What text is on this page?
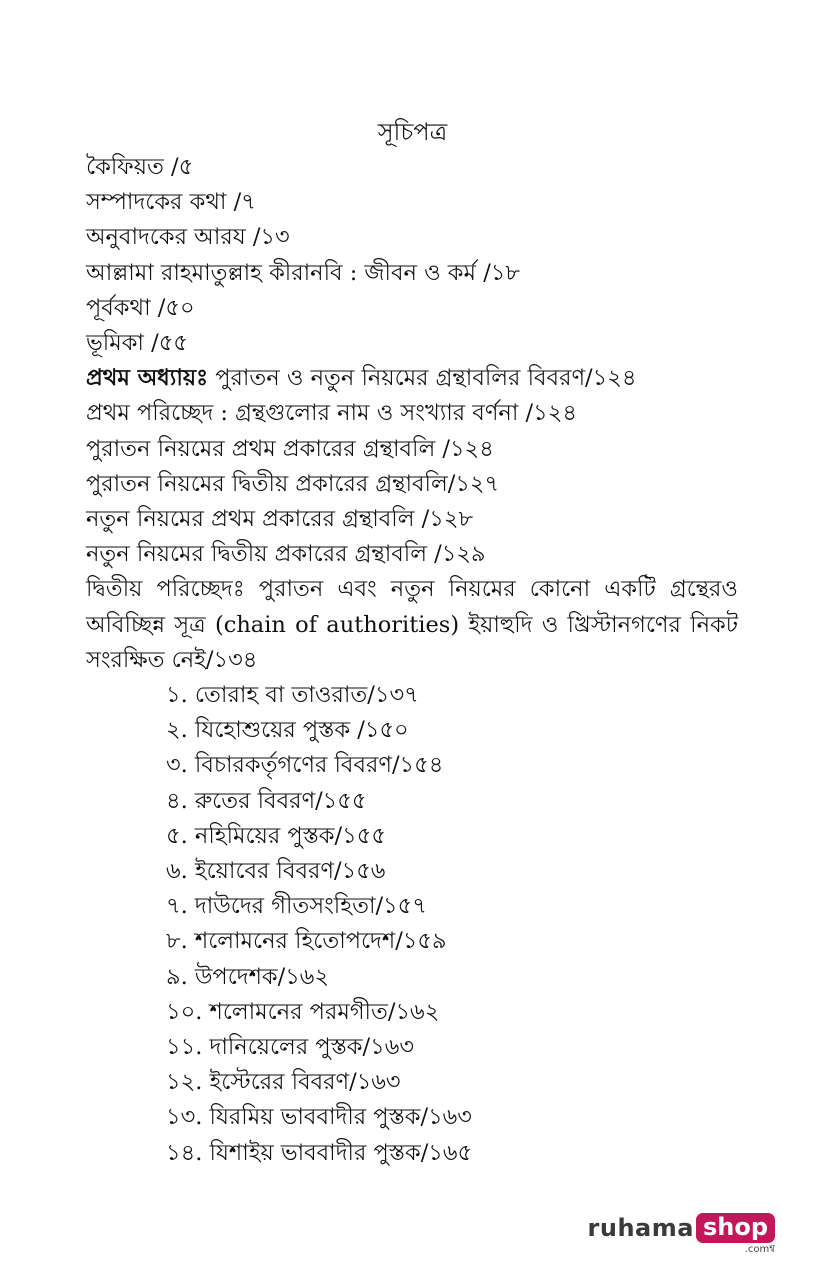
সূচিপত্র
কৈফিয়ত /৫
সম্পাদকের কথা /৭
অনুবাদকের আরয /১৩
আল্লামা রাহমাতুল্লাহ কীরানবি : জীবন ও কর্ম /১৮
পূর্বকথা /৫০
ভূমিকা /৫৫
প্রথম অধ্যায়ঃ পুরাতন ও নতুন নিয়মের গ্রন্থাবলির বিবরণ/১২৪
প্রথম পরিচ্ছেদ : গ্রন্থগুলোর নাম ও সংখ্যার বর্ণনা /১২৪
পুরাতন নিয়মের প্রথম প্রকারের গ্রন্থাবলি /১২৪
পুরাতন নিয়মের দ্বিতীয় প্রকারের গ্রন্থাবলি/১২৭
নতুন নিয়মের প্রথম প্রকারের গ্রন্থাবলি /১২৮
নতুন নিয়মের দ্বিতীয় প্রকারের গ্রন্থাবলি /১২৯
দ্বিতীয় পরিচ্ছেদঃ পুরাতন এবং নতুন নিয়মের কোনো একটি গ্রন্থেরও অবিচ্ছিন্ন সূত্র (chain of authorities) ইয়াহুদি ও খ্রিস্টানগণের নিকট সংরক্ষিত নেই/১৩৪
১. তোরাহ বা তাওরাত/১৩৭
২. যিহোশুয়ের পুস্তক /১৫০
৩. বিচারকর্তৃগণের বিবরণ/১৫৪
৪. রুতের বিবরণ/১৫৫
৫. নহিমিয়ের পুস্তক/১৫৫
৬. ইয়োবের বিবরণ/১৫৬
৭. দাউদের গীতসংহিতা/১৫৭
৮. শলোমনের হিতোপদেশ/১৫৯
৯. উপদেশক/১৬২
১০. শলোমনের পরমগীত/১৬২
১১. দানিয়েলের পুস্তক/১৬৩
১২. ইস্টেরের বিবরণ/১৬৩
১৩. যিরমিয় ভাববাদীর পুস্তক/১৬৩
১৪. যিশাইয় ভাববাদীর পুস্তক/১৬৫
ruhama shop
.comশ্ব
